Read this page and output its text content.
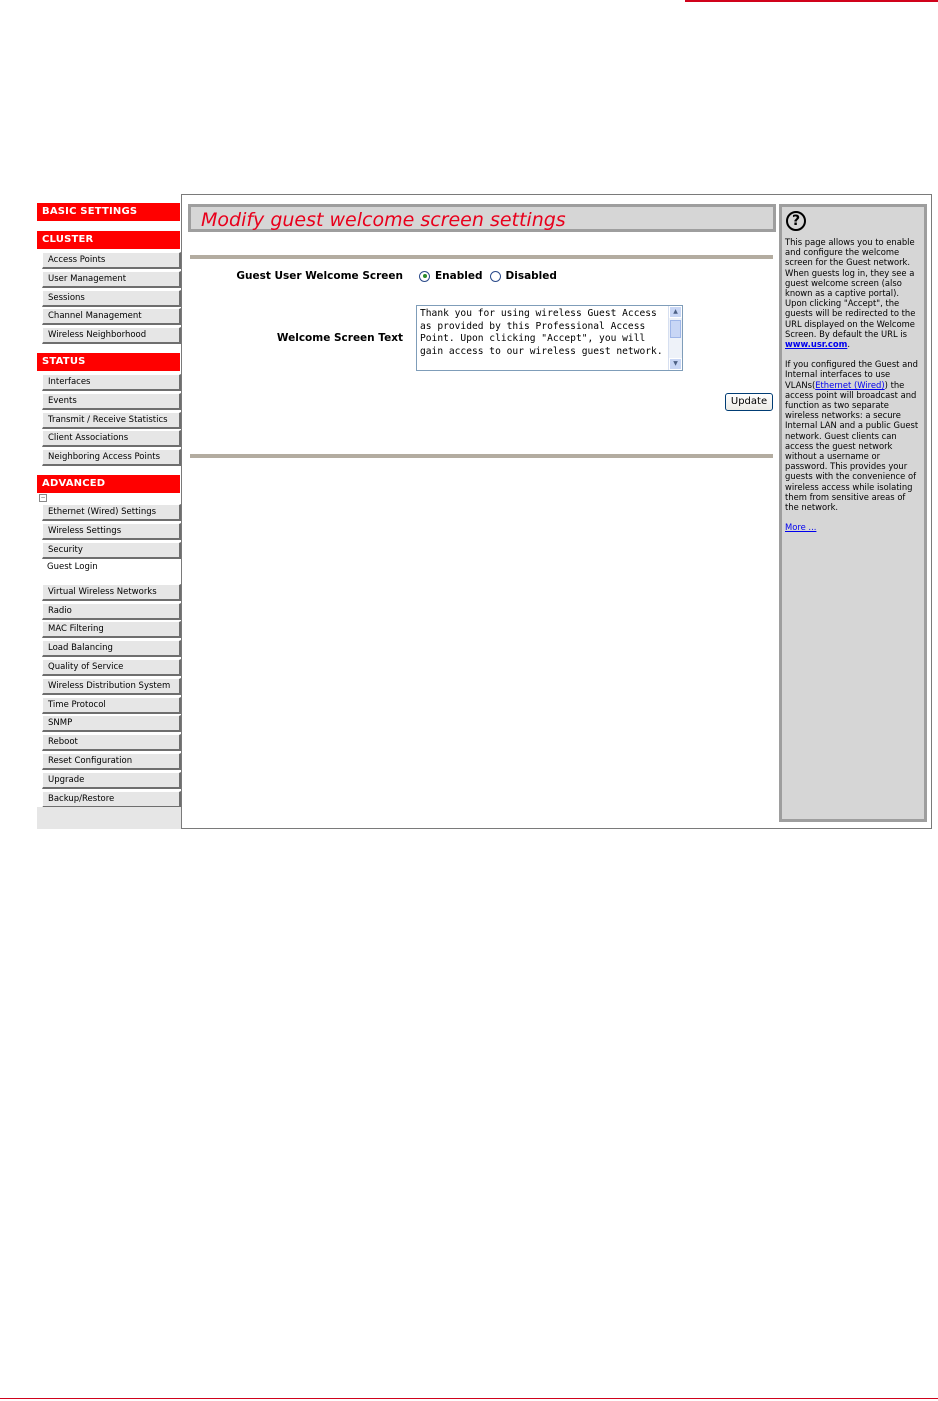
BASIC SETTINGS
CLUSTER
Access Points
User Management
Sessions
Channel Management
Wireless Neighborhood
STATUS
Interfaces
Events
Transmit / Receive Statistics
Client Associations
Neighboring Access Points
ADVANCED
−
Ethernet (Wired) Settings
Wireless Settings
Security
Guest Login
Virtual Wireless Networks
Radio
MAC Filtering
Load Balancing
Quality of Service
Wireless Distribution System
Time Protocol
SNMP
Reboot
Reset Configuration
Upgrade
Backup/Restore
Modify guest welcome screen settings
Guest User Welcome Screen	Enabled Disabled
Welcome Screen Text
Thank you for using wireless Guest Access as provided by this Professional Access Point. Upon clicking "Accept", you will gain access to our wireless guest network.
▲
▼
Update
?

This page allows you to enable and configure the welcome screen for the Guest network. When guests log in, they see a guest welcome screen (also known as a captive portal). Upon clicking "Accept", the guests will be redirected to the URL displayed on the Welcome Screen. By default the URL is www.usr.com.

If you configured the Guest and Internal interfaces to use VLANs(Ethernet (Wired)) the access point will broadcast and function as two separate wireless networks: a secure Internal LAN and a public Guest network. Guest clients can access the guest network without a username or password. This provides your guests with the convenience of wireless access while isolating them from sensitive areas of the network.

More ...
